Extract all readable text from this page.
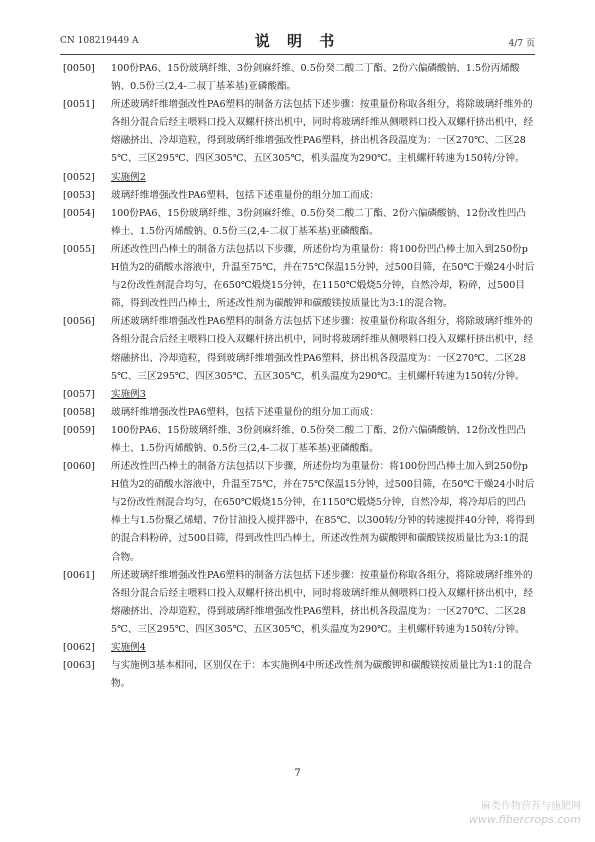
CN 108219449 A	说 明 书	4/7 页
[0050] 100份PA6、15份玻璃纤维、3份剑麻纤维、0.5份癸二酸二丁酯、2份六偏磷酸钠、1.5份丙烯酸钠、0.5份三(2,4-二叔丁基苯基)亚磷酸酯。
[0051] 所述玻璃纤维增强改性PA6塑料的制备方法包括下述步骤：按重量份称取各组分，将除玻璃纤维外的各组分混合后经主喂料口投入双螺杆挤出机中，同时将玻璃纤维从侧喂料口投入双螺杆挤出机中，经熔融挤出、冷却造粒，得到玻璃纤维增强改性PA6塑料，挤出机各段温度为：一区270℃、二区285℃、三区295℃、四区305℃、五区305℃，机头温度为290℃。主机螺杆转速为150转/分钟。
[0052] 实施例2
[0053] 玻璃纤维增强改性PA6塑料，包括下述重量份的组分加工而成：
[0054] 100份PA6、15份玻璃纤维、3份剑麻纤维、0.5份癸二酸二丁酯、2份六偏磷酸钠、12份改性凹凸棒土、1.5份丙烯酸钠、0.5份三(2,4-二叔丁基苯基)亚磷酸酯。
[0055] 所述改性凹凸棒土的制备方法包括以下步骤，所述份均为重量份：将100份凹凸棒土加入到250份pH值为2的硝酸水溶液中，升温至75℃，并在75℃保温15分钟，过500目筛，在50℃干燥24小时后与2份改性剂混合均匀，在650℃煅烧15分钟，在1150℃煅烧5分钟，自然冷却，粉碎，过500目筛，得到改性凹凸棒土，所述改性剂为碳酸钾和碳酸镁按质量比为3:1的混合物。
[0056] 所述玻璃纤维增强改性PA6塑料的制备方法包括下述步骤：按重量份称取各组分，将除玻璃纤维外的各组分混合后经主喂料口投入双螺杆挤出机中，同时将玻璃纤维从侧喂料口投入双螺杆挤出机中，经熔融挤出、冷却造粒，得到玻璃纤维增强改性PA6塑料，挤出机各段温度为：一区270℃、二区285℃、三区295℃、四区305℃、五区305℃，机头温度为290℃。主机螺杆转速为150转/分钟。
[0057] 实施例3
[0058] 玻璃纤维增强改性PA6塑料，包括下述重量份的组分加工而成：
[0059] 100份PA6、15份玻璃纤维、3份剑麻纤维、0.5份癸二酸二丁酯、2份六偏磷酸钠、12份改性凹凸棒土、1.5份丙烯酸钠、0.5份三(2,4-二叔丁基苯基)亚磷酸酯。
[0060] 所述改性凹凸棒土的制备方法包括以下步骤，所述份均为重量份：将100份凹凸棒土加入到250份pH值为2的硝酸水溶液中，升温至75℃，并在75℃保温15分钟，过500目筛，在50℃干燥24小时后与2份改性剂混合均匀，在650℃煅烧15分钟，在1150℃煅烧5分钟，自然冷却，将冷却后的凹凸棒土与1.5份聚乙烯蜡、7份甘油投入搅拌器中，在85℃、以300转/分钟的转速搅拌40分钟，将得到的混合料粉碎，过500目筛，得到改性凹凸棒土，所述改性剂为碳酸钾和碳酸镁按质量比为3:1的混合物。
[0061] 所述玻璃纤维增强改性PA6塑料的制备方法包括下述步骤：按重量份称取各组分，将除玻璃纤维外的各组分混合后经主喂料口投入双螺杆挤出机中，同时将玻璃纤维从侧喂料口投入双螺杆挤出机中，经熔融挤出、冷却造粒，得到玻璃纤维增强改性PA6塑料，挤出机各段温度为：一区270℃、二区285℃、三区295℃、四区305℃、五区305℃，机头温度为290℃。主机螺杆转速为150转/分钟。
[0062] 实施例4
[0063] 与实施例3基本相同，区别仅在于：本实施例4中所述改性剂为碳酸钾和碳酸镁按质量比为1:1的混合物。
7
麻类作物营养与施肥网
www.fibercrops.com
